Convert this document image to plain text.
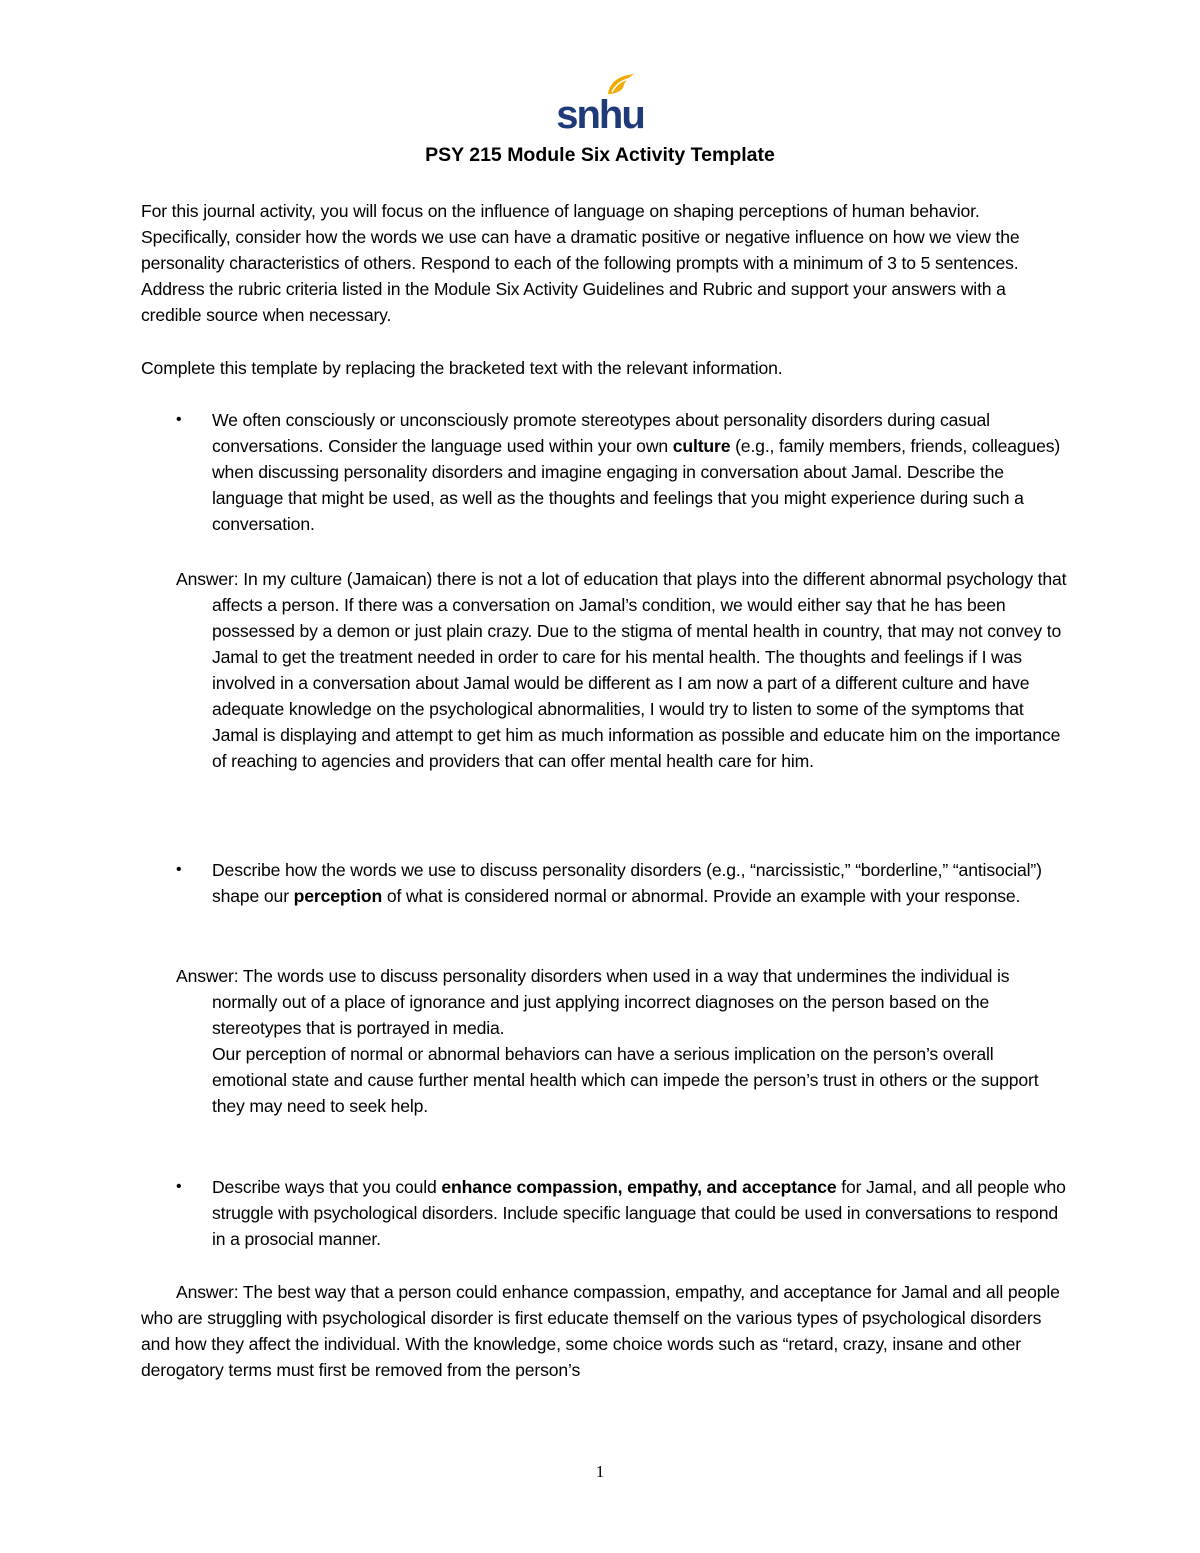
snhu
PSY 215 Module Six Activity Template

For this journal activity, you will focus on the influence of language on shaping perceptions of human behavior. Specifically, consider how the words we use can have a dramatic positive or negative influence on how we view the personality characteristics of others. Respond to each of the following prompts with a minimum of 3 to 5 sentences. Address the rubric criteria listed in the Module Six Activity Guidelines and Rubric and support your answers with a credible source when necessary.

Complete this template by replacing the bracketed text with the relevant information.

•	We often consciously or unconsciously promote stereotypes about personality disorders during casual conversations. Consider the language used within your own culture (e.g., family members, friends, colleagues) when discussing personality disorders and imagine engaging in conversation about Jamal. Describe the language that might be used, as well as the thoughts and feelings that you might experience during such a conversation.
Answer: In my culture (Jamaican) there is not a lot of education that plays into the different abnormal psychology that affects a person. If there was a conversation on Jamal’s condition, we would either say that he has been possessed by a demon or just plain crazy. Due to the stigma of mental health in country, that may not convey to Jamal to get the treatment needed in order to care for his mental health. The thoughts and feelings if I was involved in a conversation about Jamal would be different as I am now a part of a different culture and have adequate knowledge on the psychological abnormalities, I would try to listen to some of the symptoms that Jamal is displaying and attempt to get him as much information as possible and educate him on the importance of reaching to agencies and providers that can offer mental health care for him.
•	Describe how the words we use to discuss personality disorders (e.g., “narcissistic,” “borderline,” “antisocial”) shape our perception of what is considered normal or abnormal. Provide an example with your response.
Answer: The words use to discuss personality disorders when used in a way that undermines the individual is normally out of a place of ignorance and just applying incorrect diagnoses on the person based on the stereotypes that is portrayed in media.
Our perception of normal or abnormal behaviors can have a serious implication on the person’s overall emotional state and cause further mental health which can impede the person’s trust in others or the support they may need to seek help.
•	Describe ways that you could enhance compassion, empathy, and acceptance for Jamal, and all people who struggle with psychological disorders. Include specific language that could be used in conversations to respond in a prosocial manner.
Answer: The best way that a person could enhance compassion, empathy, and acceptance for Jamal and all people who are struggling with psychological disorder is first educate themself on the various types of psychological disorders and how they affect the individual. With the knowledge, some choice words such as “retard, crazy, insane and other derogatory terms must first be removed from the person’s
1
